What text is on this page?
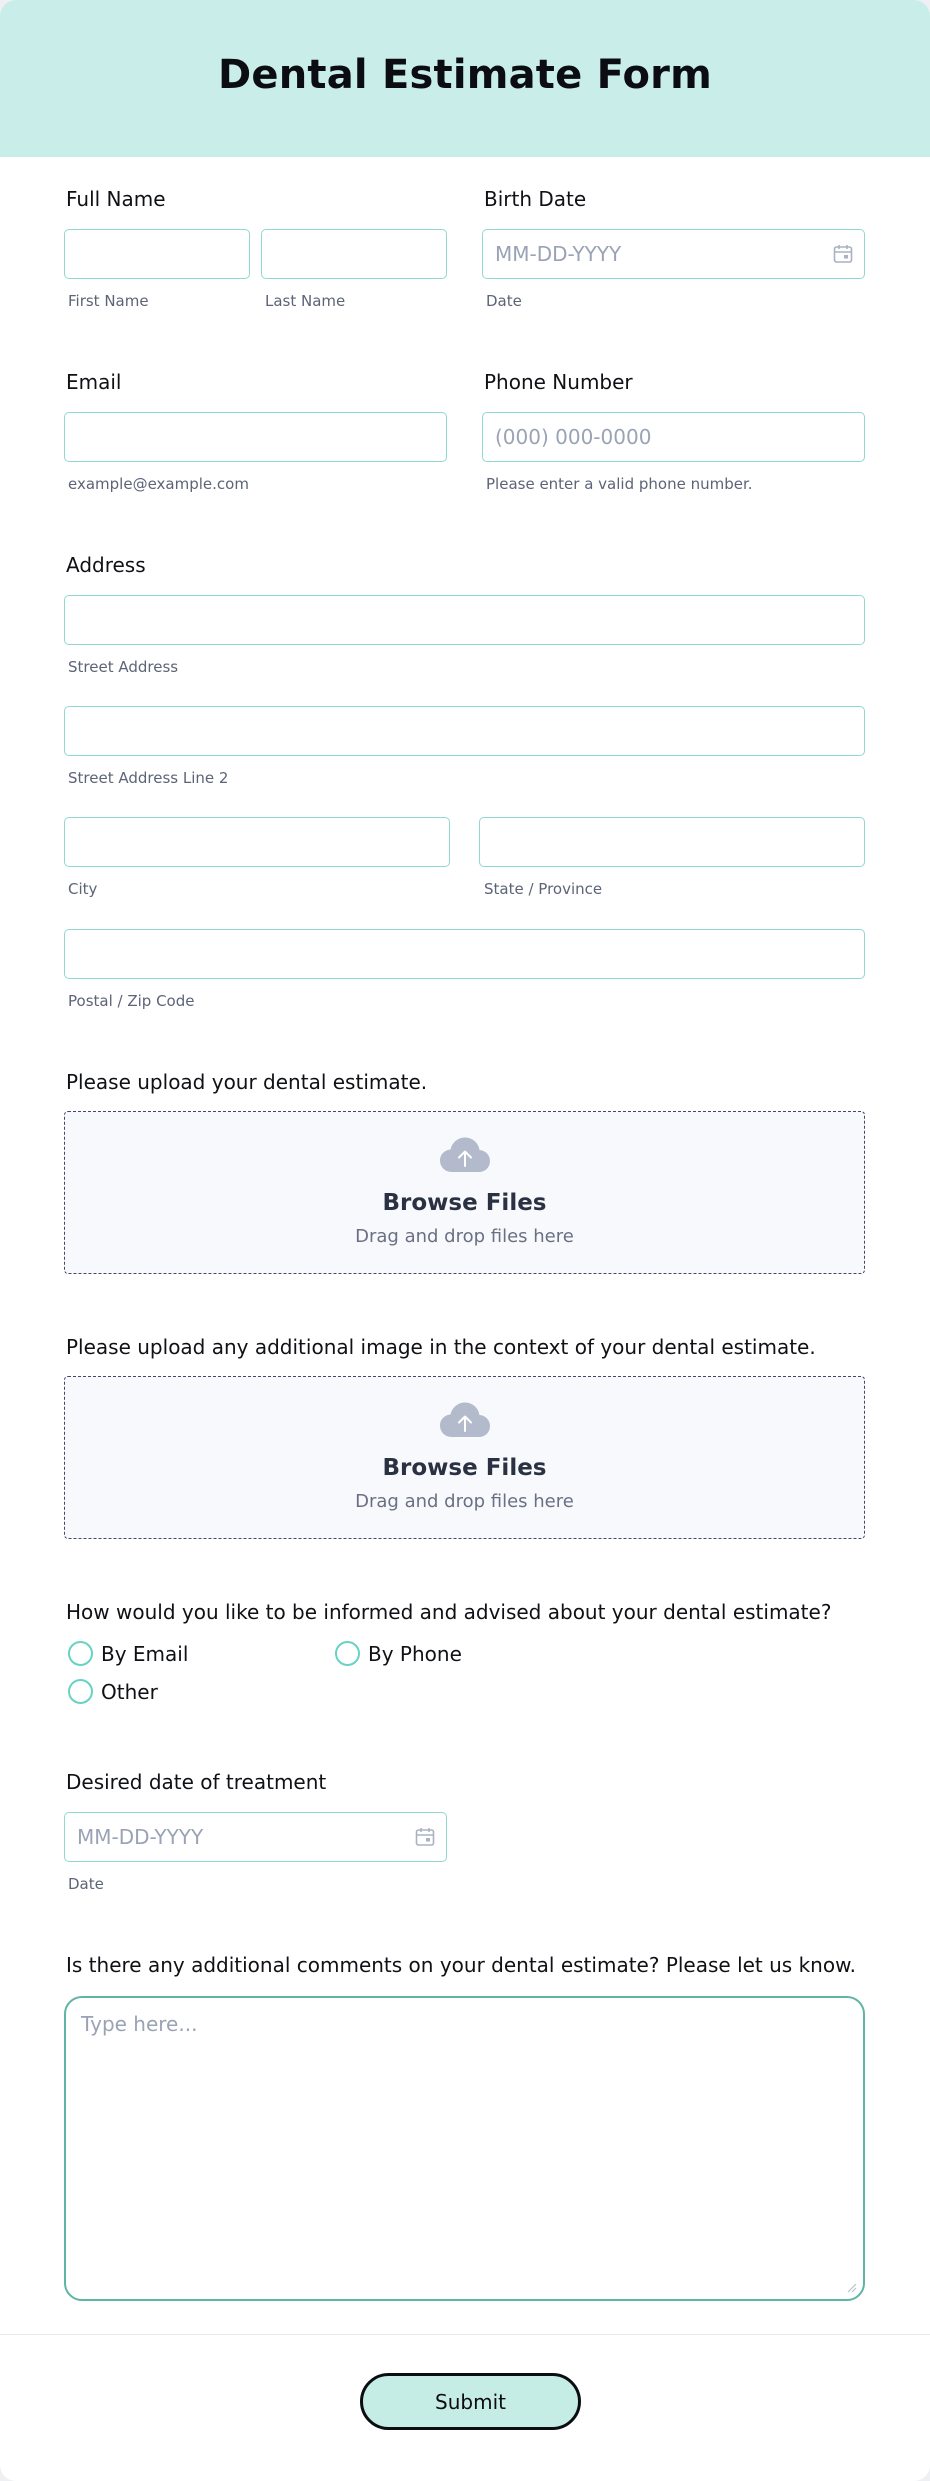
Dental Estimate Form
Full Name
First Name	Last Name
Birth Date
MM-DD-YYYY
Date
Email
example@example.com
Phone Number
(000) 000-0000
Please enter a valid phone number.
Address
Street Address
Street Address Line 2
City	State / Province
Postal / Zip Code
Please upload your dental estimate.
Browse Files
Drag and drop files here
Please upload any additional image in the context of your dental estimate.
Browse Files
Drag and drop files here
How would you like to be informed and advised about your dental estimate?
By Email	By Phone
Other
Desired date of treatment
MM-DD-YYYY
Date
Is there any additional comments on your dental estimate? Please let us know.
Type here...
Submit
